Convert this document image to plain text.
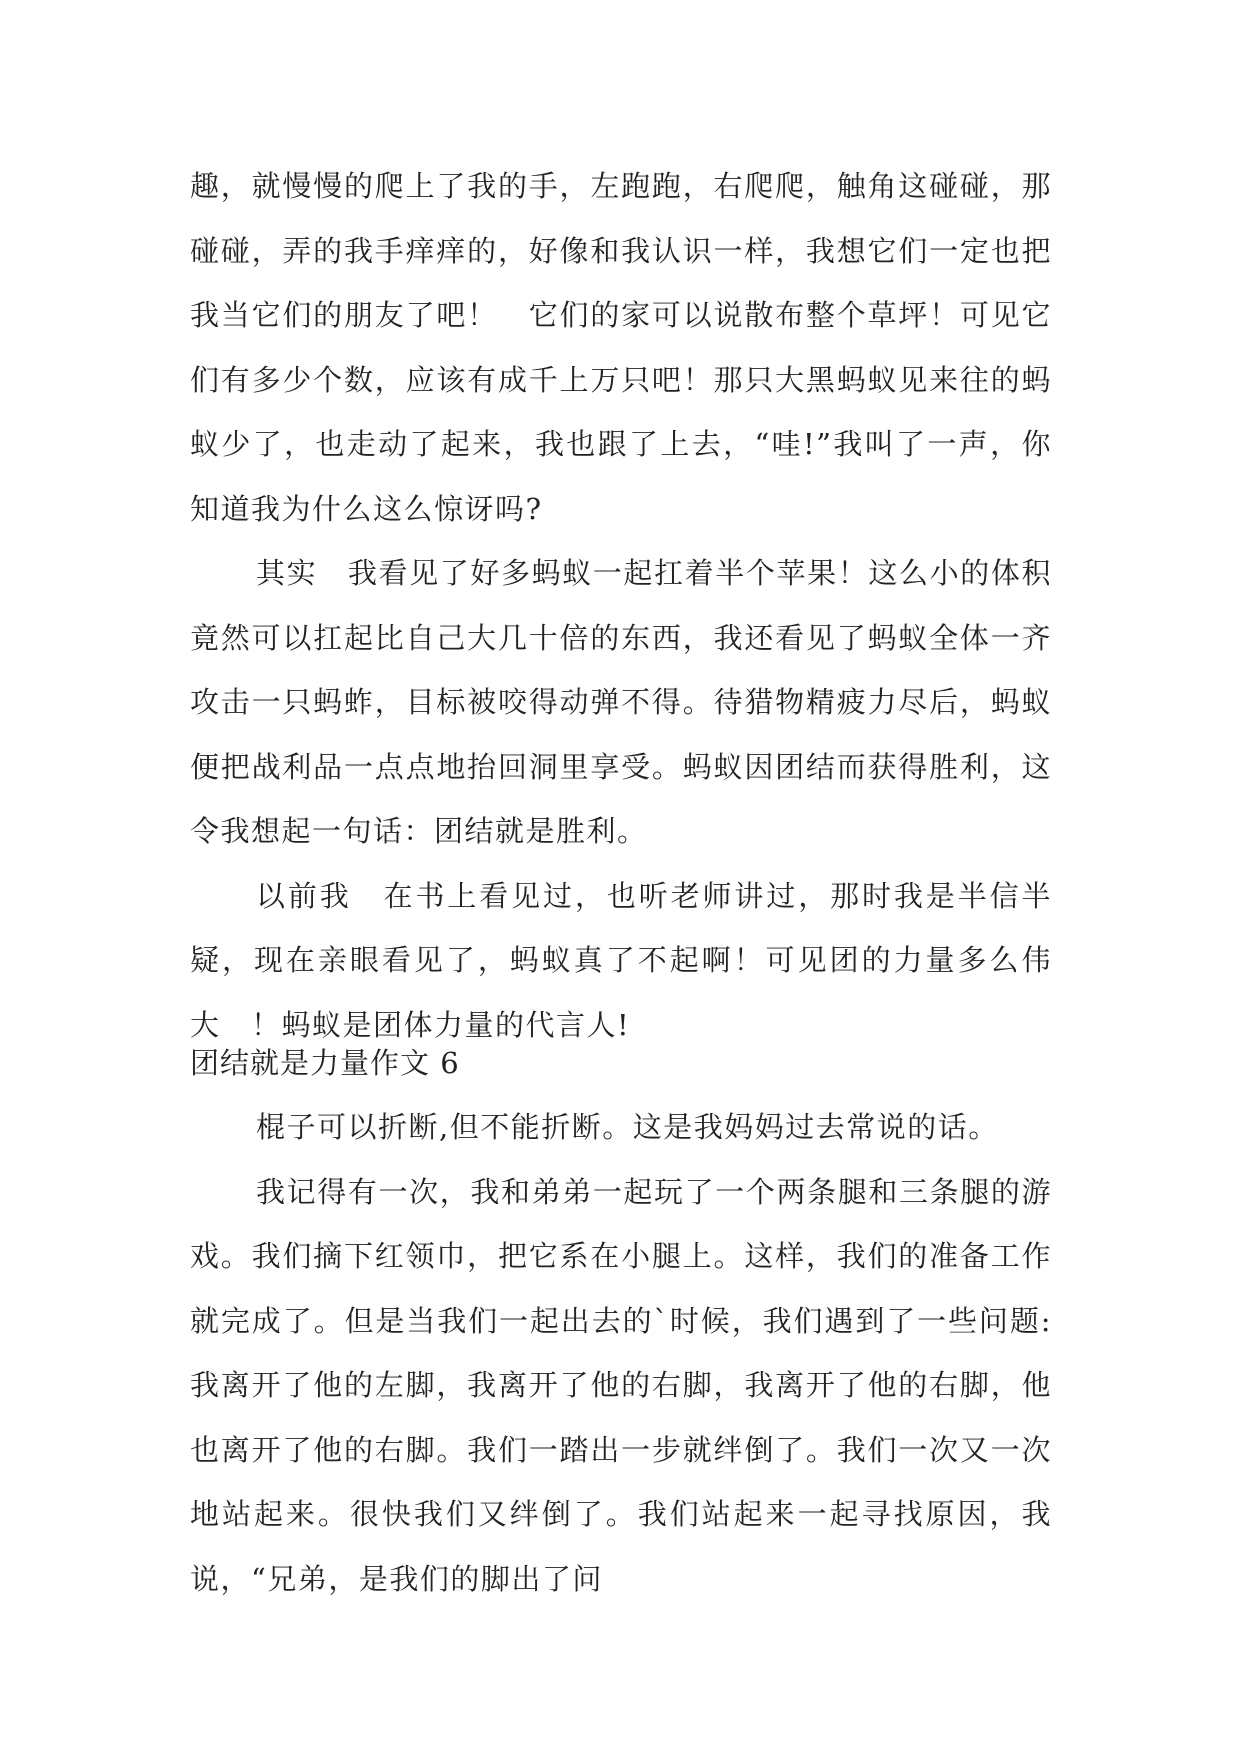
趣，就慢慢的爬上了我的手，左跑跑，右爬爬，触角这碰碰，那碰碰，弄的我手痒痒的，好像和我认识一样，我想它们一定也把我当它们的朋友了吧！　它们的家可以说散布整个草坪！可见它们有多少个数，应该有成千上万只吧！那只大黑蚂蚁见来往的蚂蚁少了，也走动了起来，我也跟了上去，“哇!”我叫了一声，你知道我为什么这么惊讶吗?

其实　我看见了好多蚂蚁一起扛着半个苹果！这么小的体积竟然可以扛起比自己大几十倍的东西，我还看见了蚂蚁全体一齐攻击一只蚂蚱，目标被咬得动弹不得。待猎物精疲力尽后，蚂蚁便把战利品一点点地抬回洞里享受。蚂蚁因团结而获得胜利，这令我想起一句话：团结就是胜利。

以前我　在书上看见过，也听老师讲过，那时我是半信半疑，现在亲眼看见了，蚂蚁真了不起啊！可见团的力量多么伟大　！蚂蚁是团体力量的代言人!

团结就是力量作文 6

棍子可以折断,但不能折断。这是我妈妈过去常说的话。

我记得有一次，我和弟弟一起玩了一个两条腿和三条腿的游戏。我们摘下红领巾，把它系在小腿上。这样，我们的准备工作就完成了。但是当我们一起出去的`时候，我们遇到了一些问题:我离开了他的左脚，我离开了他的右脚，我离开了他的右脚，他也离开了他的右脚。我们一踏出一步就绊倒了。我们一次又一次地站起来。很快我们又绊倒了。我们站起来一起寻找原因，我说，“兄弟，是我们的脚出了问
